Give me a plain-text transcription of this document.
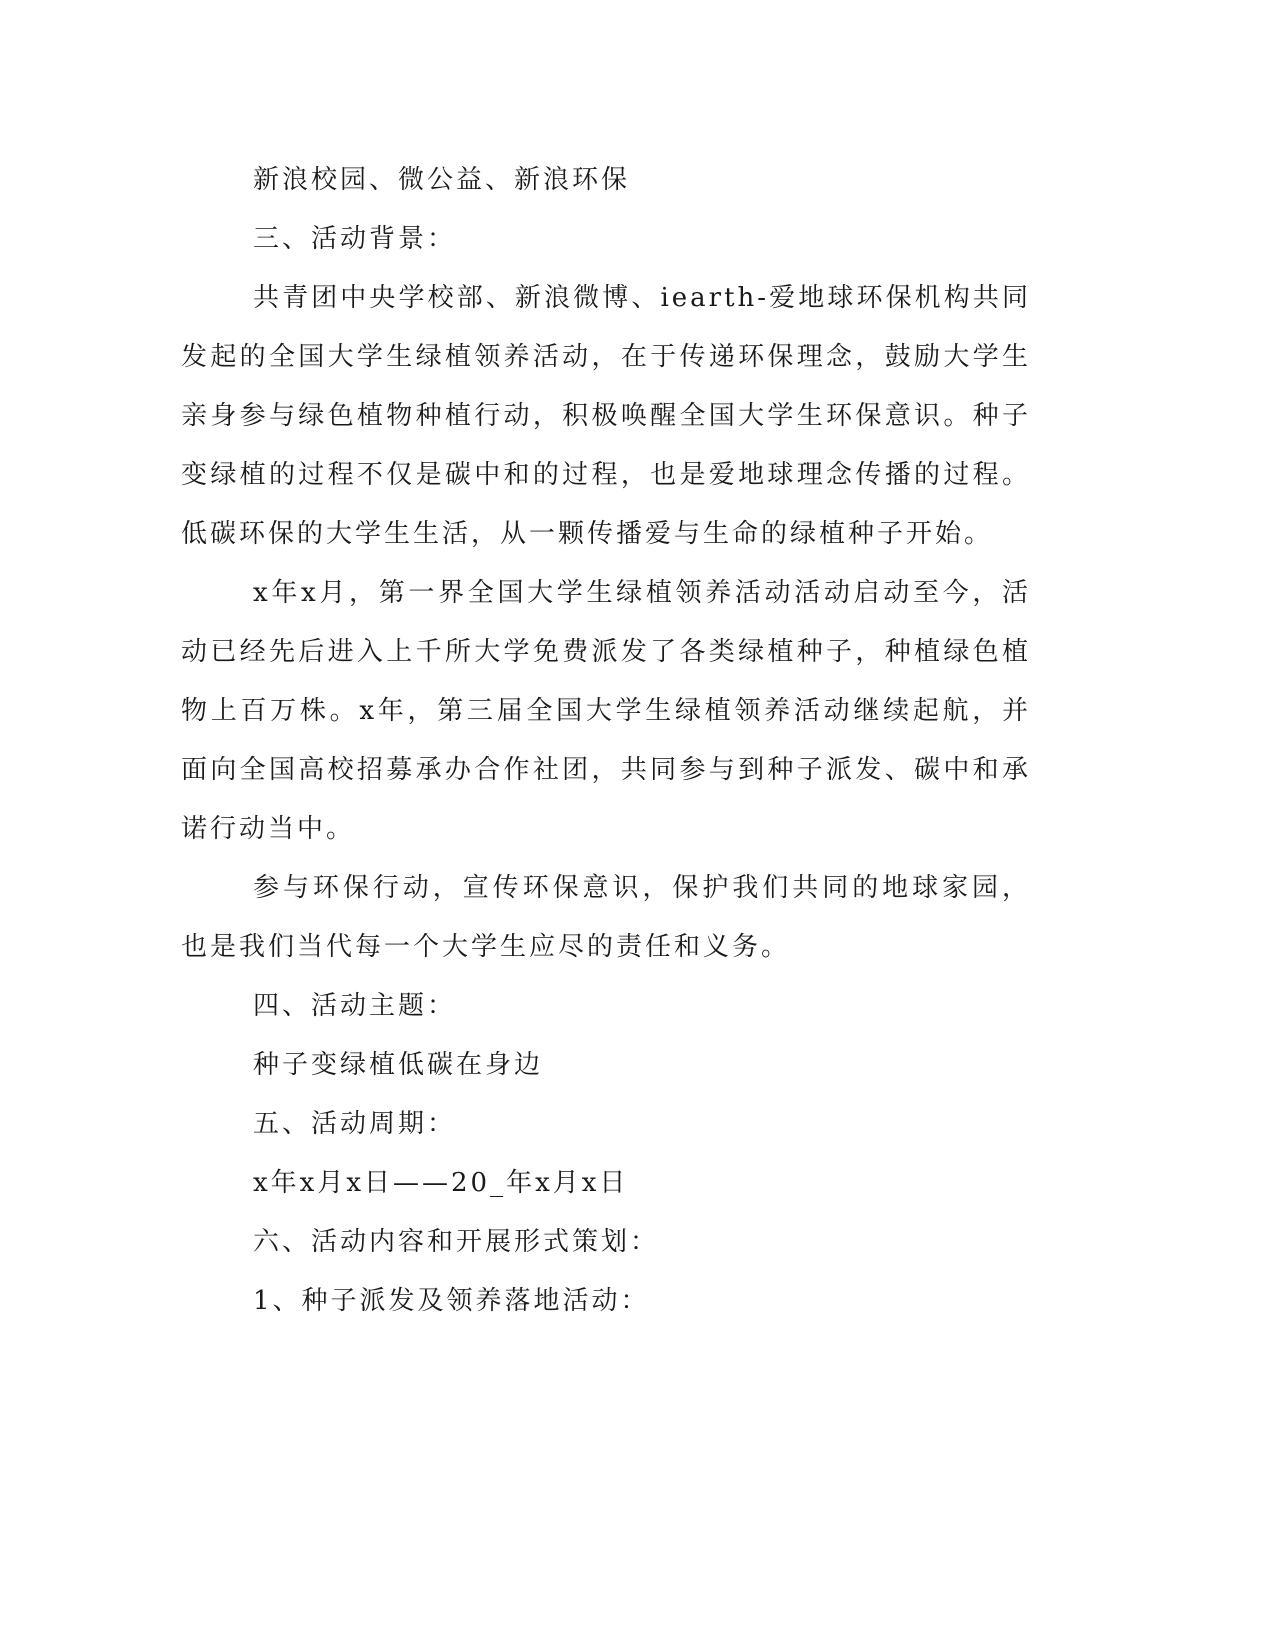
新浪校园、微公益、新浪环保

三、活动背景：

共青团中央学校部、新浪微博、iearth-爱地球环保机构共同发起的全国大学生绿植领养活动，在于传递环保理念，鼓励大学生亲身参与绿色植物种植行动，积极唤醒全国大学生环保意识。种子变绿植的过程不仅是碳中和的过程，也是爱地球理念传播的过程。低碳环保的大学生生活，从一颗传播爱与生命的绿植种子开始。

x年x月，第一界全国大学生绿植领养活动活动启动至今，活动已经先后进入上千所大学免费派发了各类绿植种子，种植绿色植物上百万株。x年，第三届全国大学生绿植领养活动继续起航，并面向全国高校招募承办合作社团，共同参与到种子派发、碳中和承诺行动当中。

参与环保行动，宣传环保意识，保护我们共同的地球家园，也是我们当代每一个大学生应尽的责任和义务。

四、活动主题：

种子变绿植低碳在身边

五、活动周期：

x年x月x日——20_年x月x日

六、活动内容和开展形式策划：

1、种子派发及领养落地活动：
